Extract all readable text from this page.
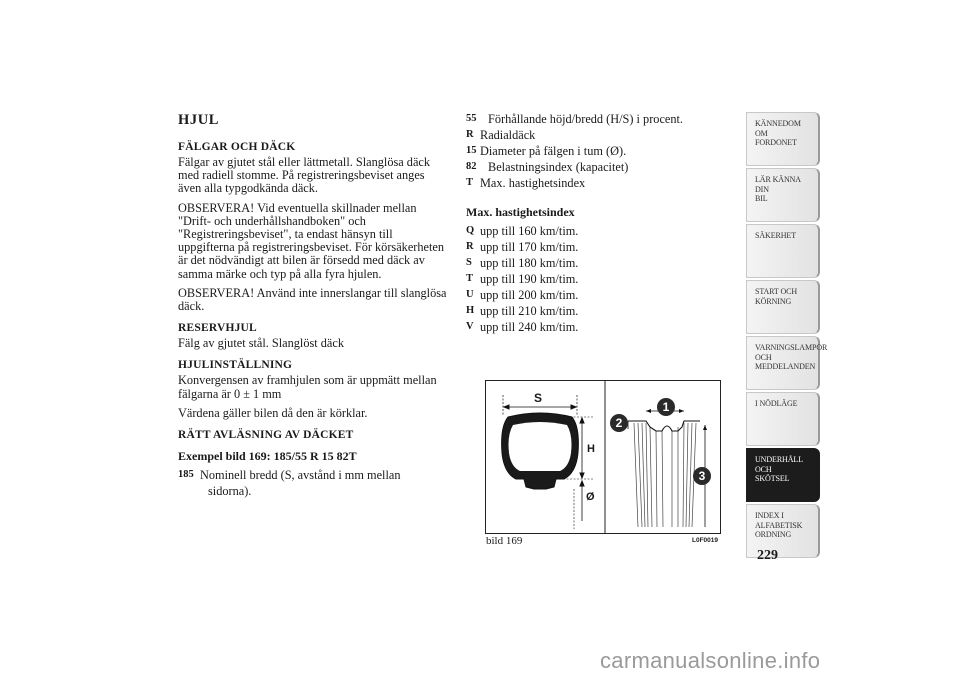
HJUL
FÄLGAR OCH DÄCK

Fälgar av gjutet stål eller lättmetall. Slanglösa däck med radiell stomme. På registreringsbeviset anges även alla typgodkända däck.

OBSERVERA! Vid eventuella skillnader mellan "Drift- och underhållshandboken" och "Registreringsbeviset", ta endast hänsyn till uppgifterna på registreringsbeviset. För körsäkerheten är det nödvändigt att bilen är försedd med däck av samma märke och typ på alla fyra hjulen.

OBSERVERA! Använd inte innerslangar till slanglösa däck.

RESERVHJUL

Fälg av gjutet stål. Slanglöst däck

HJULINSTÄLLNING

Konvergensen av framhjulen som är uppmätt mellan fälgarna är 0 ± 1 mm

Värdena gäller bilen då den är körklar.

RÄTT AVLÄSNING AV DÄCKET
Exempel bild 169: 185/55 R 15 82T
185 Nominell bredd (S, avstånd i mm mellan
sidorna).
55 Förhållande höjd/bredd (H/S) i procent.
R Radialdäck
15 Diameter på fälgen i tum (Ø).
82 Belastningsindex (kapacitet)
T Max. hastighetsindex
Max. hastighetsindex
Q upp till 160 km/tim.
R upp till 170 km/tim.
S upp till 180 km/tim.
T upp till 190 km/tim.
U upp till 200 km/tim.
H upp till 210 km/tim.
V upp till 240 km/tim.
S
H
Ø
1
2
3
bild 169	L0F0019
KÄNNEDOM OM
FORDONET
LÄR KÄNNA DIN
BIL
SÄKERHET
START OCH
KÖRNING
VARNINGSLAMPOR
OCH
MEDDELANDEN
I NÖDLÄGE
UNDERHÅLL OCH
SKÖTSEL
INDEX I
ALFABETISK
ORDNING
229
carmanualsonline.info
